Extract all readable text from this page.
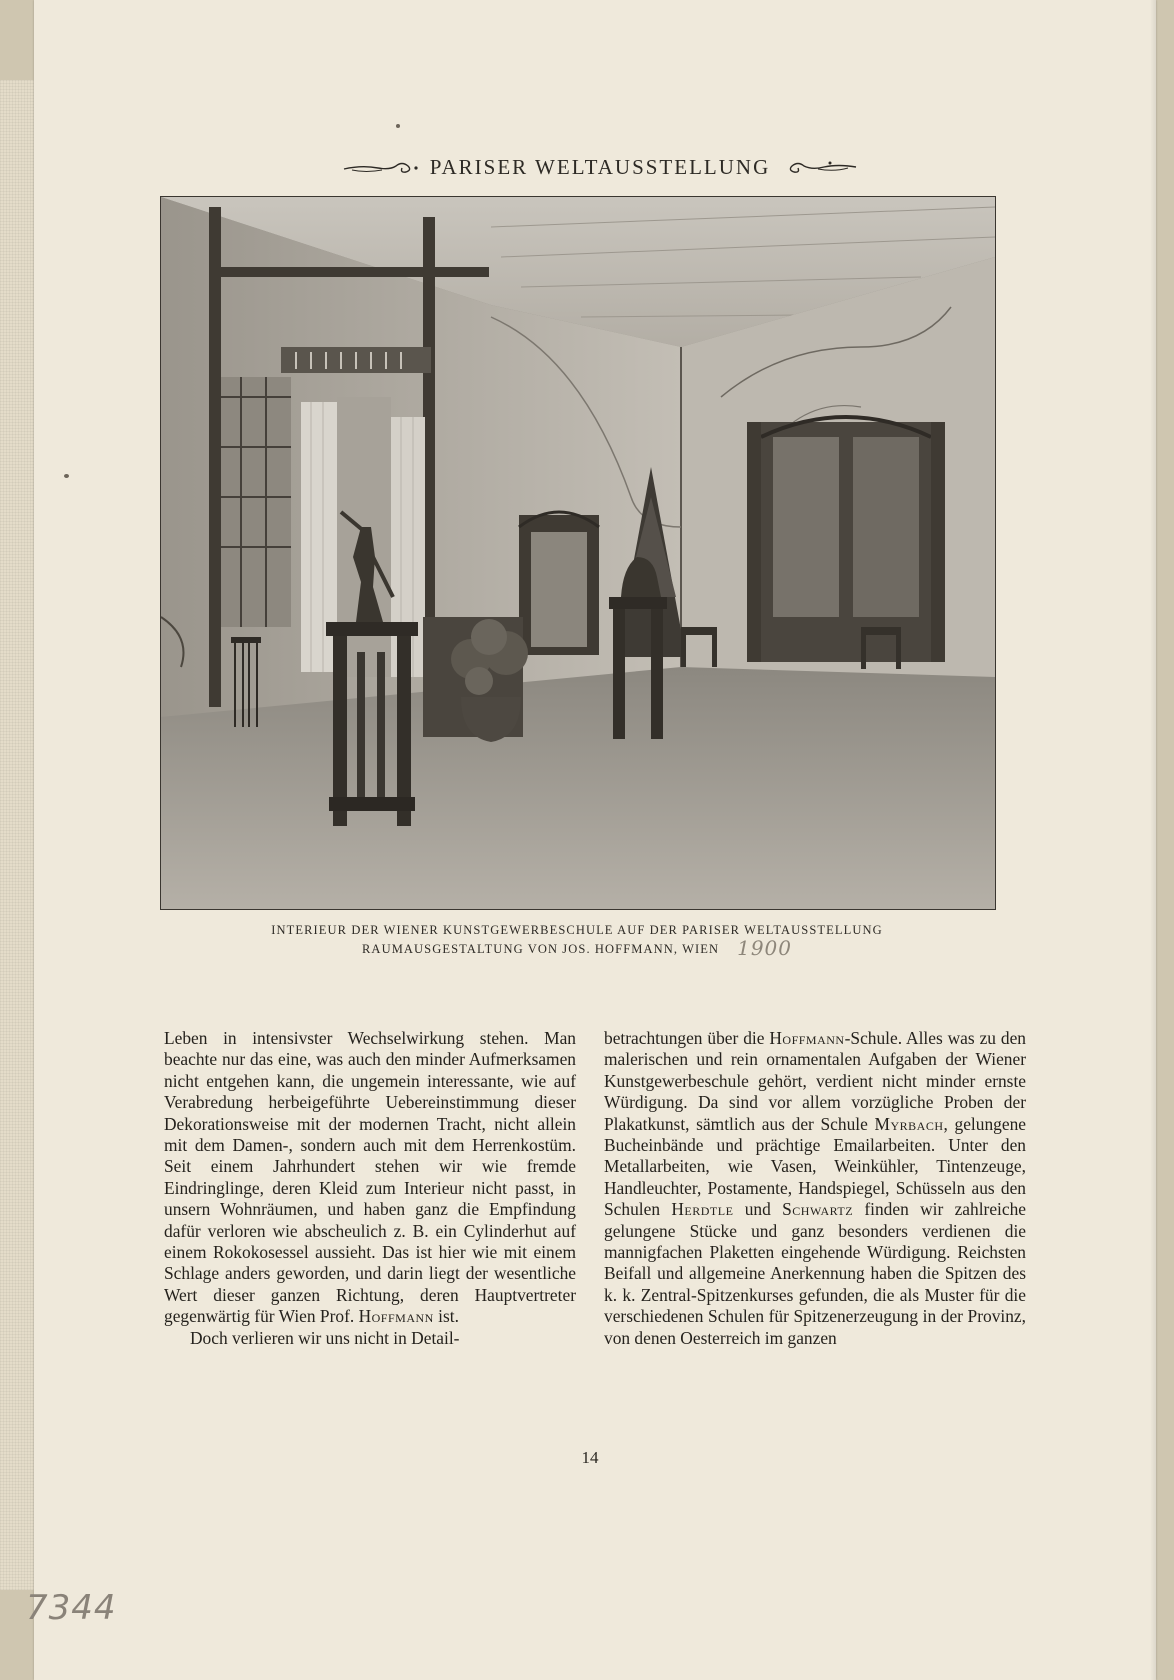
PARISER WELTAUSSTELLUNG
INTERIEUR DER WIENER KUNSTGEWERBESCHULE AUF DER PARISER WELTAUSSTELLUNG
RAUMAUSGESTALTUNG VON JOS. HOFFMANN, WIEN 1900

Leben in intensivster Wechselwirkung stehen. Man beachte nur das eine, was auch den minder Aufmerksamen nicht entgehen kann, die ungemein interessante, wie auf Verabredung herbeigeführte Uebereinstimmung dieser Dekorationsweise mit der modernen Tracht, nicht allein mit dem Damen-, sondern auch mit dem Herrenkostüm. Seit einem Jahrhundert stehen wir wie fremde Eindringlinge, deren Kleid zum Interieur nicht passt, in unsern Wohnräumen, und haben ganz die Empfindung dafür verloren wie abscheulich z. B. ein Cylinderhut auf einem Rokokosessel aussieht. Das ist hier wie mit einem Schlage anders geworden, und darin liegt der wesentliche Wert dieser ganzen Richtung, deren Hauptvertreter gegenwärtig für Wien Prof. Hoffmann ist.

Doch verlieren wir uns nicht in Detail-

betrachtungen über die Hoffmann-Schule. Alles was zu den malerischen und rein ornamentalen Aufgaben der Wiener Kunstgewerbeschule gehört, verdient nicht minder ernste Würdigung. Da sind vor allem vorzügliche Proben der Plakatkunst, sämtlich aus der Schule Myrbach, gelungene Bucheinbände und prächtige Emailarbeiten. Unter den Metallarbeiten, wie Vasen, Weinkühler, Tintenzeuge, Handleuchter, Postamente, Handspiegel, Schüsseln aus den Schulen Herdtle und Schwartz finden wir zahlreiche gelungene Stücke und ganz besonders verdienen die mannigfachen Plaketten eingehende Würdigung. Reichsten Beifall und allgemeine Anerkennung haben die Spitzen des k. k. Zentral-Spitzenkurses gefunden, die als Muster für die verschiedenen Schulen für Spitzenerzeugung in der Provinz, von denen Oesterreich im ganzen

14
7344
